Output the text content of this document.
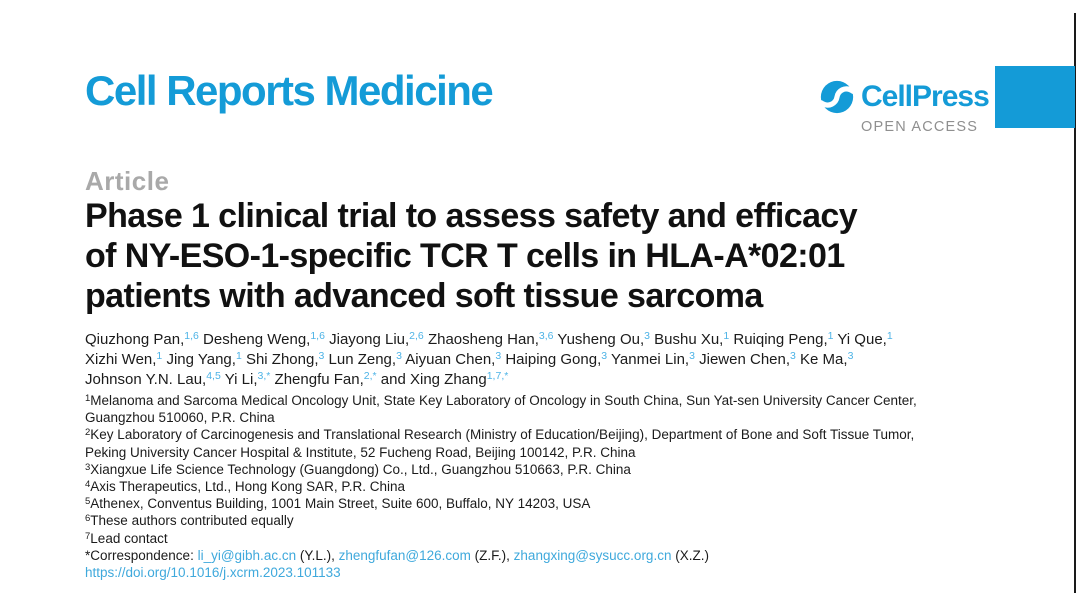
Cell Reports Medicine	CellPress
OPEN ACCESS
Article
Phase 1 clinical trial to assess safety and efficacy
of NY-ESO-1-specific TCR T cells in HLA-A*02:01
patients with advanced soft tissue sarcoma
Qiuzhong Pan,$^{1,6}$ Desheng Weng,$^{1,6}$ Jiayong Liu,$^{2,6}$ Zhaosheng Han,$^{3,6}$ Yusheng Ou,$^3$ Bushu Xu,$^1$ Ruiqing Peng,$^1$ Yi Que,$^1$
Xizhi Wen,$^1$ Jing Yang,$^1$ Shi Zhong,$^3$ Lun Zeng,$^3$ Aiyuan Chen,$^3$ Haiping Gong,$^3$ Yanmei Lin,$^3$ Jiewen Chen,$^3$ Ke Ma,$^3$
Johnson Y.N. Lau,$^{4,5}$ Yi Li,$^{3,*}$ Zhengfu Fan,$^{2,*}$ and Xing Zhang$^{1,7,*}$
$^1$Melanoma and Sarcoma Medical Oncology Unit, State Key Laboratory of Oncology in South China, Sun Yat-sen University Cancer Center,
Guangzhou 510060, P.R. China
$^2$Key Laboratory of Carcinogenesis and Translational Research (Ministry of Education/Beijing), Department of Bone and Soft Tissue Tumor,
Peking University Cancer Hospital & Institute, 52 Fucheng Road, Beijing 100142, P.R. China
$^3$Xiangxue Life Science Technology (Guangdong) Co., Ltd., Guangzhou 510663, P.R. China
$^4$Axis Therapeutics, Ltd., Hong Kong SAR, P.R. China
$^5$Athenex, Conventus Building, 1001 Main Street, Suite 600, Buffalo, NY 14203, USA
$^6$These authors contributed equally
$^7$Lead contact
*Correspondence: li_yi@gibh.ac.cn (Y.L.), zhengfufan@126.com (Z.F.), zhangxing@sysucc.org.cn (X.Z.)
https://doi.org/10.1016/j.xcrm.2023.101133
